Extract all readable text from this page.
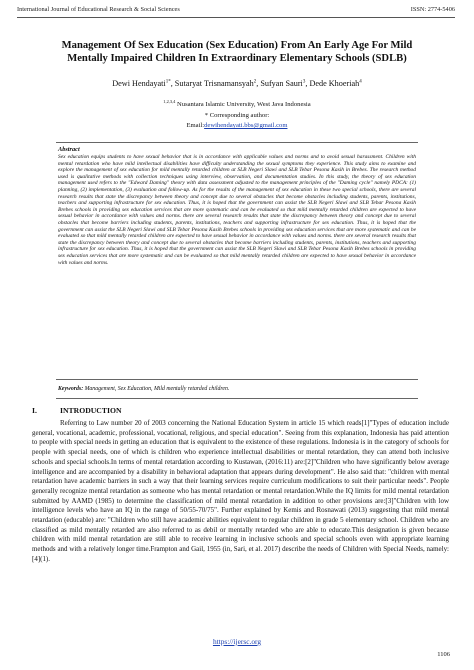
International Journal of Educational Research & Social Sciences	ISSN: 2774-5406
Management Of Sex Education (Sex Education) From An Early Age For Mild
Mentally Impaired Children In Extraordinary Elementary Schools (SDLB)
Dewi Hendayati$^{1*}$, Sutaryat Trisnamansyah$^2$, Sufyan Sauri$^3$, Dede Khoeriah$^4$
$^{1,2,3,4}$ Nusantara Islamic University, West Java Indonesia
* Corresponding author:
Email:dewihendayati.bbs@gmail.com
Abstract

Sex education equips students to have sexual behavior that is in accordance with applicable values and norms and to avoid sexual harassment. Children with mental retardation who have mild intellectual disabilities have difficulty understanding the sexual symptoms they experience. This study aims to examine and explore the management of sex education for mild mentally retarded children at SLB Negeri Slawi and SLB Tebar Pesona Kasih in Brebes. The research method used is qualitative methods with collection techniques using interview, observation, and documentation studies. In this study, the theory of sex education management used refers to the "Edward Daming" theory with data assessment adjusted to the management principles of the "Daming cycle" namely PDCA: (1) planning, (2) implementation, (3) evaluation and follow-up. As for the results of the management of sex education in these two special schools, there are several research results that state the discrepancy between theory and concept due to several obstacles that become obstacles including students, parents, institutions, teachers and supporting infrastructure for sex education. Thus, it is hoped that the government can assist the SLB Negeri Slawi and SLB Tebar Pesona Kasih Brebes schools in providing sex education services that are more systematic and can be evaluated so that mild mentally retarded children are expected to have sexual behavior in accordance with values and norms. there are several research results that state the discrepancy between theory and concept due to several obstacles that become barriers including students, parents, institutions, teachers and supporting infrastructure for sex education. Thus, it is hoped that the government can assist the SLB Negeri Slawi and SLB Tebar Pesona Kasih Brebes schools in providing sex education services that are more systematic and can be evaluated so that mild mentally retarded children are expected to have sexual behavior in accordance with values and norms. there are several research results that state the discrepancy between theory and concept due to several obstacles that become barriers including students, parents, institutions, teachers and supporting infrastructure for sex education. Thus, it is hoped that the government can assist the SLB Negeri Slawi and SLB Tebar Pesona Kasih Brebes schools in providing sex education services that are more systematic and can be evaluated so that mild mentally retarded children are expected to have sexual behavior in accordance with values and norms.

Keywords: Management, Sex Education, Mild mentally retarded children.
I.	INTRODUCTION

Referring to Law number 20 of 2003 concerning the National Education System in article 15 which reads[1]"Types of education include general, vocational, academic, professional, vocational, religious, and special education". Seeing from this explanation, Indonesia has paid attention to people with special needs in getting an education that is equivalent to the existence of these regulations. Indonesia is in the category of schools for people with special needs, one of which is children who experience intellectual disabilities or mental retardation, they can attend both inclusive schools and special schools.In terms of mental retardation according to Kustawan, (2016:11) are:[2]"Children who have significantly below average intelligence and are accompanied by a disability in behavioral adaptation that appears during development". He also said that: "children with mental retardation have academic barriers in such a way that their learning services require curriculum modifications to suit their particular needs". People generally recognize mental retardation as someone who has mental retardation or mental retardation.While the IQ limits for mild mental retardation submitted by AAMD (1985) to determine the classification of mild mental retardation in addition to other provisions are:[3]"Children with low intelligence levels who have an IQ in the range of 50/55-70/75". Further explained by Kemis and Rosnawati (2013) suggesting that mild mental retardation (educable) are: "Children who still have academic abilities equivalent to regular children in grade 5 elementary school. Children who are classified as mild mentally retarded are also referred to as debil or mentally retarded who are able to educate.This designation is given because children with mild mental retardation are still able to receive learning in inclusive schools and special schools even with appropriate learning methods and with a relatively longer time.Frampton and Gail, 1955 (in, Sari, et al. 2017) describe the needs of Children with Special Needs, namely:[4](1).

https://ijersc.org
1106
